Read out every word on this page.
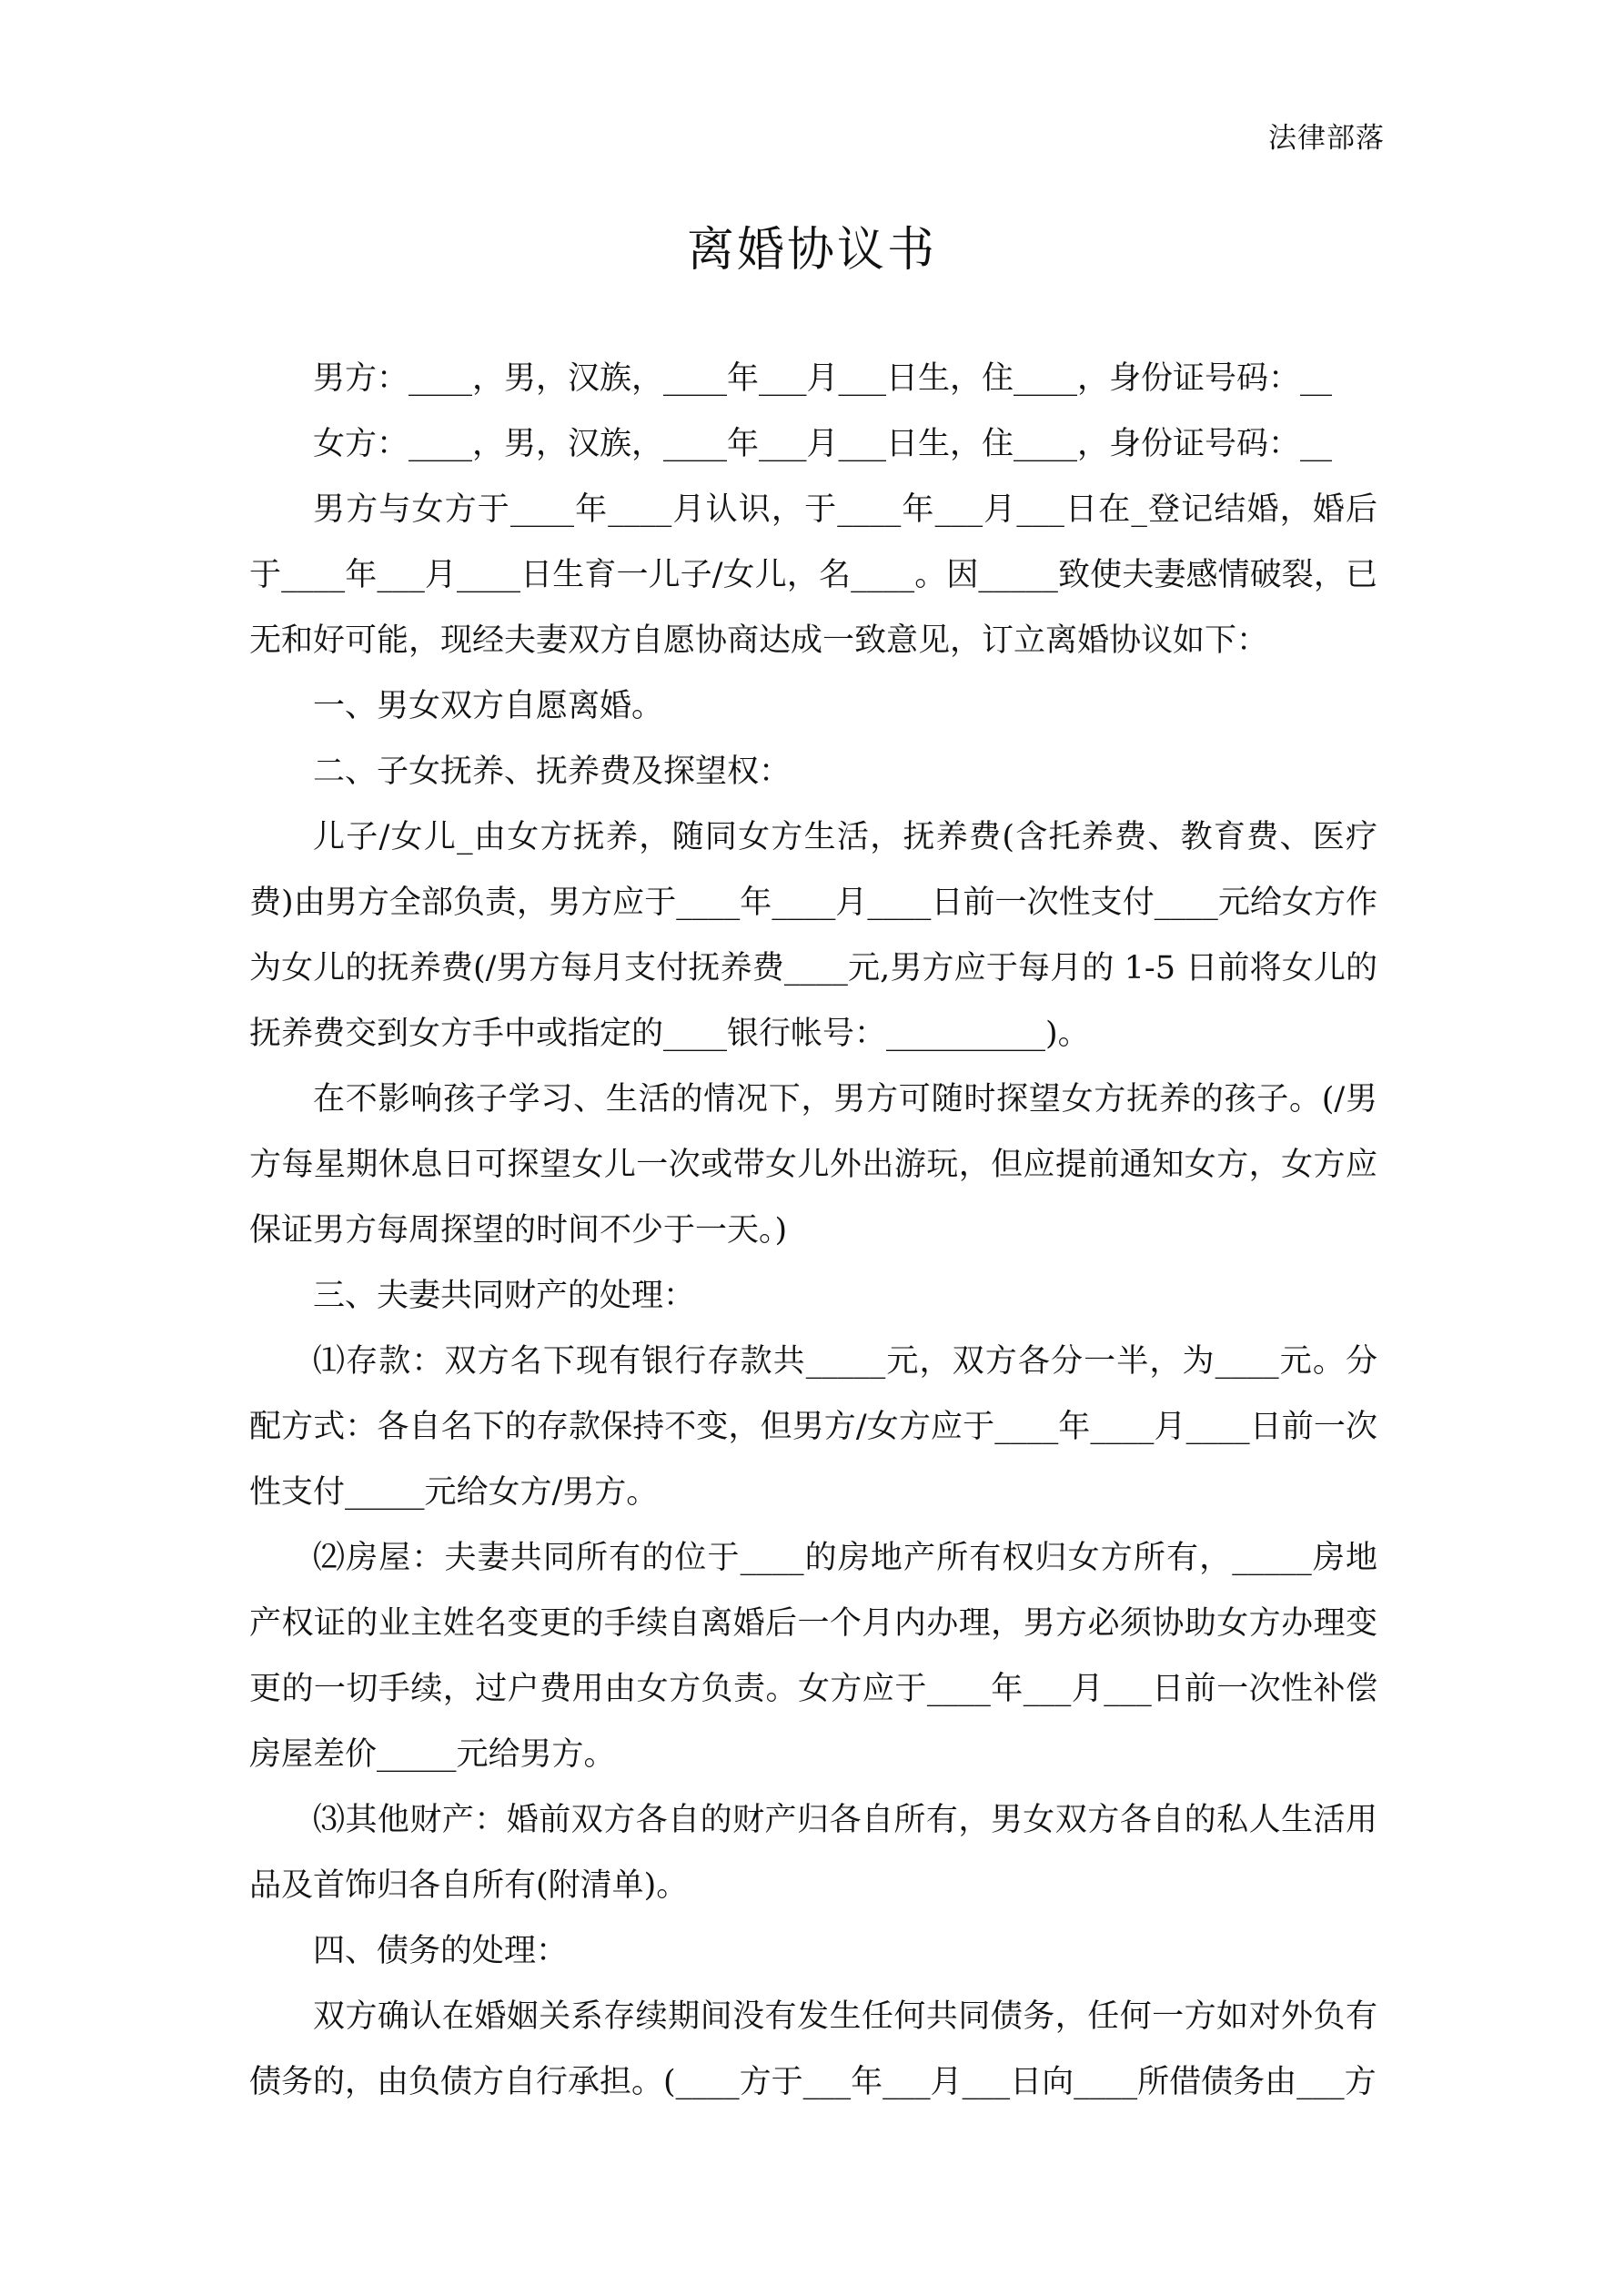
法律部落
离婚协议书

男方：____，男，汉族，____年___月___日生，住____，身份证号码：__

女方：____，男，汉族，____年___月___日生，住____，身份证号码：__

男方与女方于____年____月认识，于____年___月___日在_登记结婚，婚后于____年___月____日生育一儿子/女儿，名____。因_____致使夫妻感情破裂，已无和好可能，现经夫妻双方自愿协商达成一致意见，订立离婚协议如下：

一、男女双方自愿离婚。

二、子女抚养、抚养费及探望权：

儿子/女儿_由女方抚养，随同女方生活，抚养费(含托养费、教育费、医疗费)由男方全部负责，男方应于____年____月____日前一次性支付____元给女方作为女儿的抚养费(/男方每月支付抚养费____元,男方应于每月的 1-5 日前将女儿的抚养费交到女方手中或指定的____银行帐号：__________)。

在不影响孩子学习、生活的情况下，男方可随时探望女方抚养的孩子。(/男方每星期休息日可探望女儿一次或带女儿外出游玩，但应提前通知女方，女方应保证男方每周探望的时间不少于一天。)

三、夫妻共同财产的处理：

⑴存款：双方名下现有银行存款共_____元，双方各分一半，为____元。分配方式：各自名下的存款保持不变，但男方/女方应于____年____月____日前一次性支付_____元给女方/男方。

⑵房屋：夫妻共同所有的位于____的房地产所有权归女方所有，_____房地产权证的业主姓名变更的手续自离婚后一个月内办理，男方必须协助女方办理变更的一切手续，过户费用由女方负责。女方应于____年___月___日前一次性补偿房屋差价_____元给男方。

⑶其他财产：婚前双方各自的财产归各自所有，男女双方各自的私人生活用品及首饰归各自所有(附清单)。

四、债务的处理：

双方确认在婚姻关系存续期间没有发生任何共同债务，任何一方如对外负有债务的，由负债方自行承担。(____方于___年___月___日向____所借债务由___方
